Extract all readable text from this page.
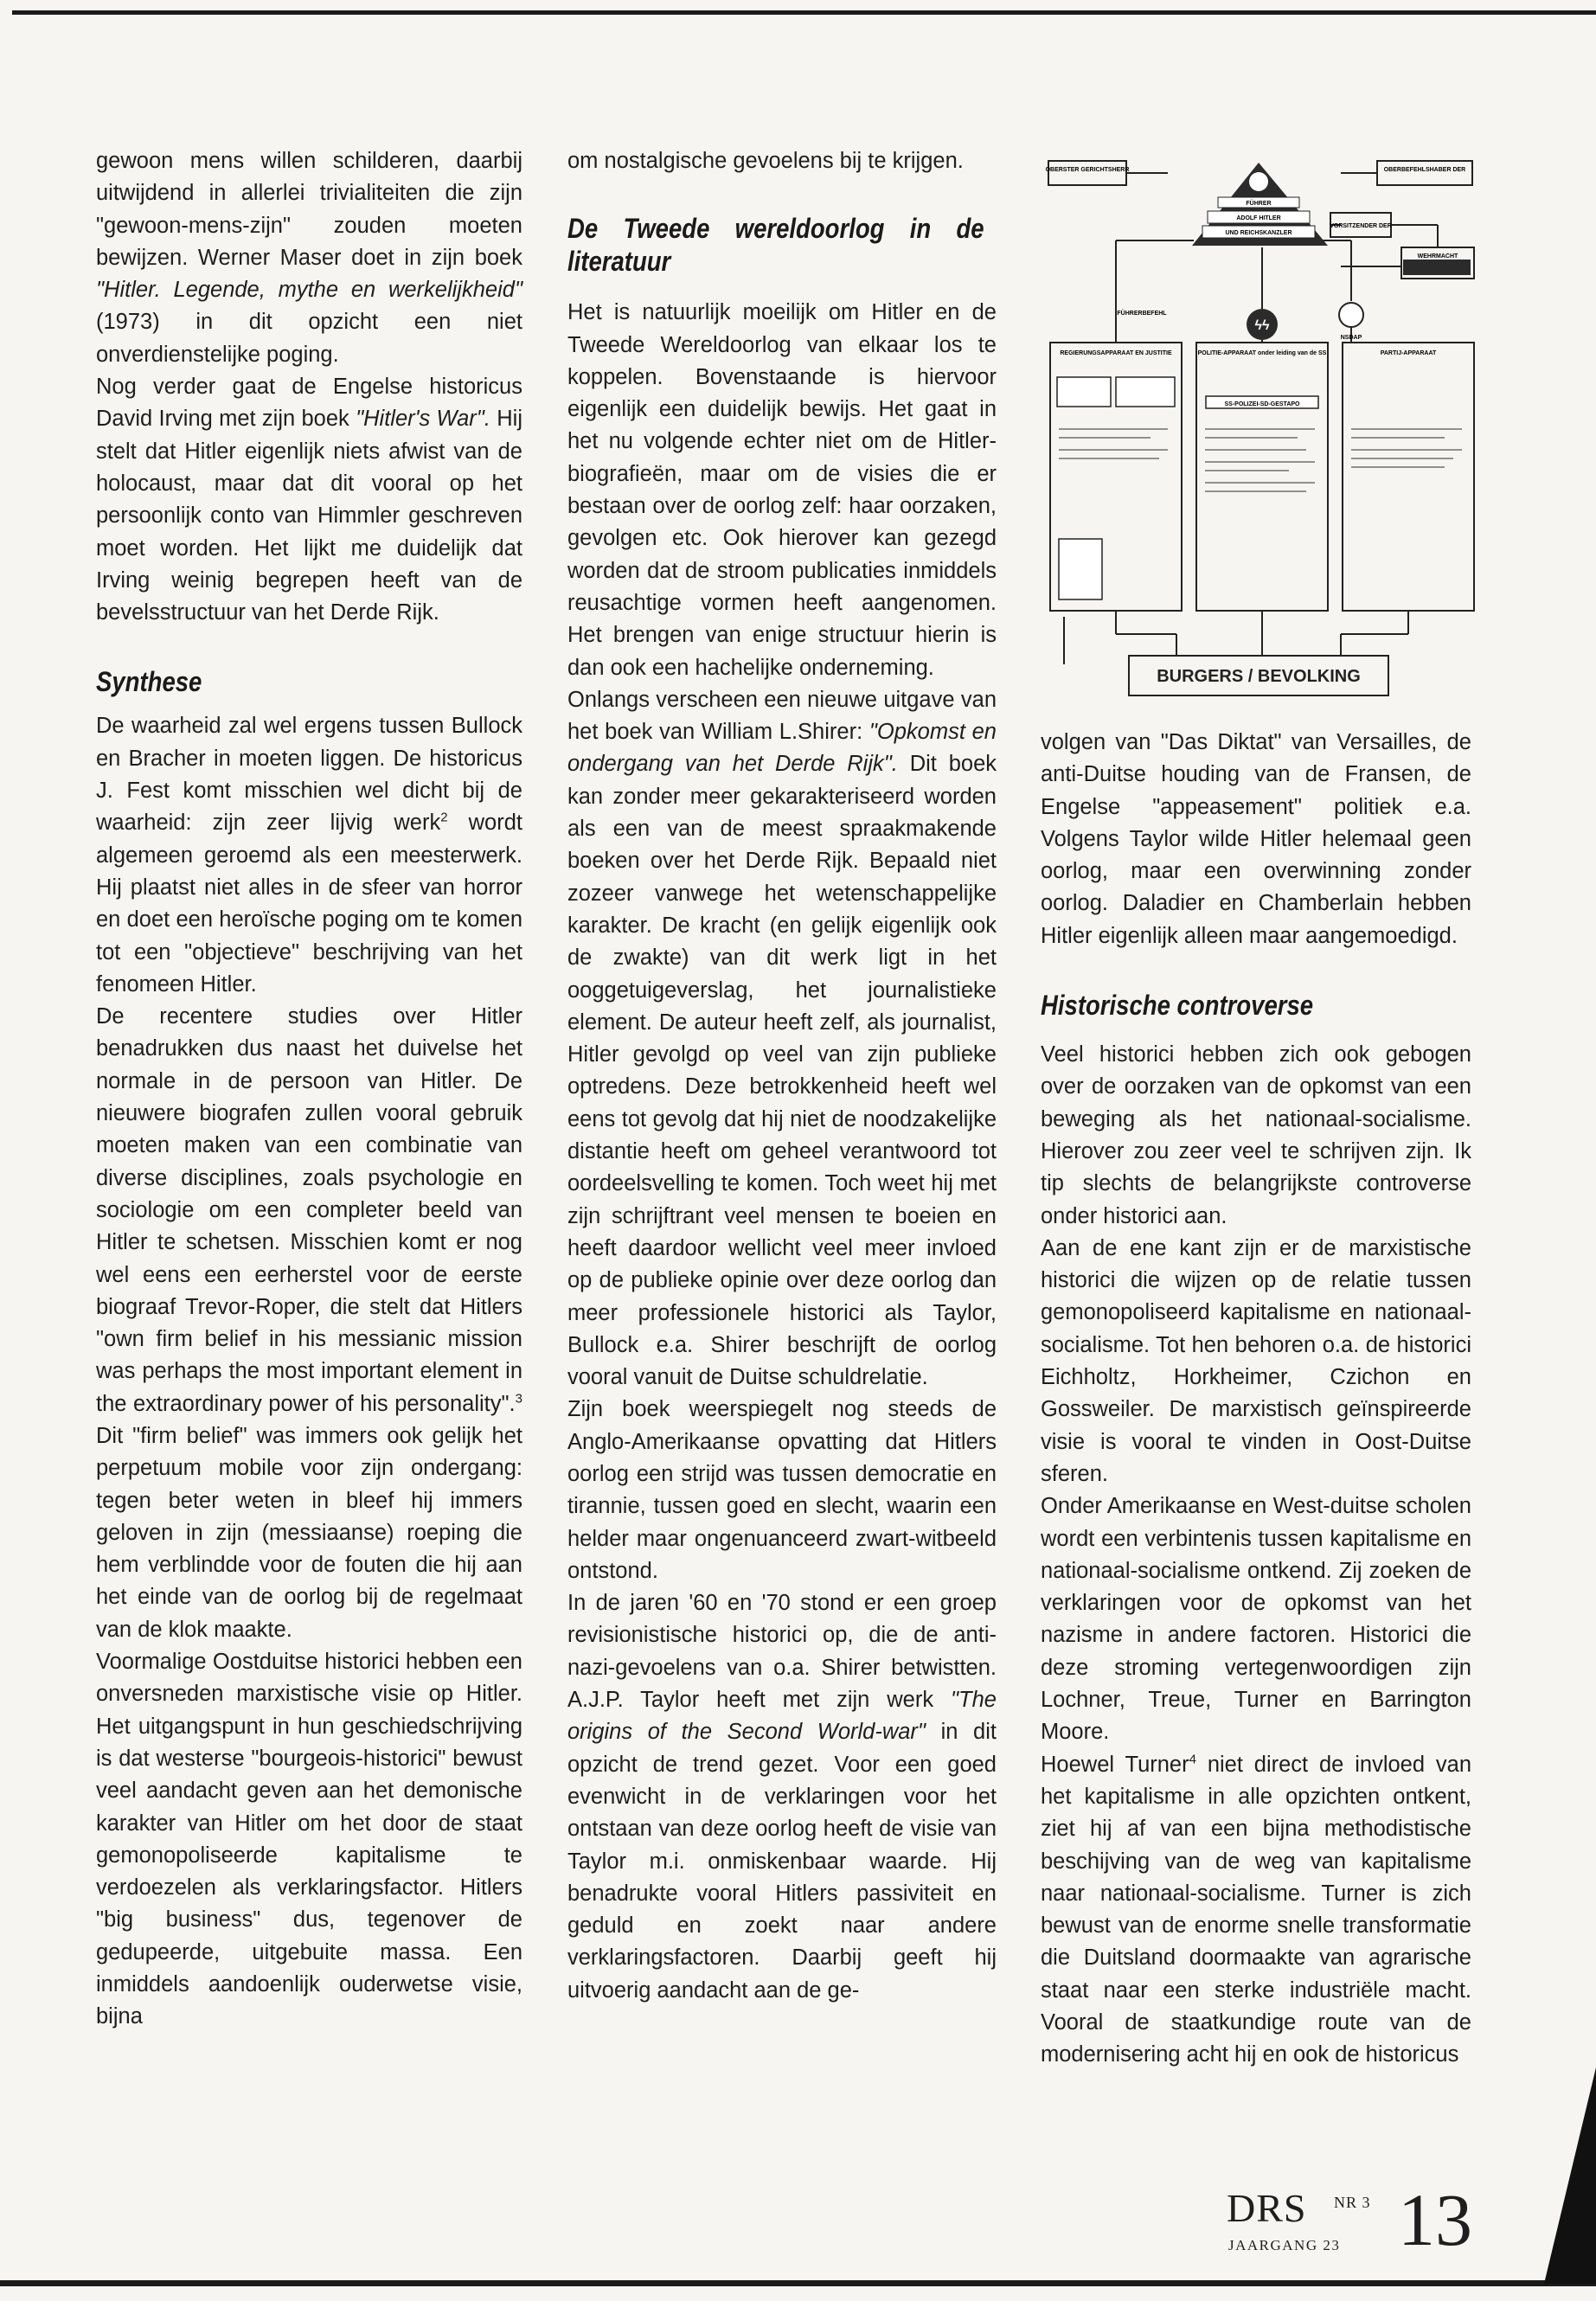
gewoon mens willen schilderen, daarbij uitwijdend in allerlei trivialiteiten die zijn "gewoon-mens-zijn" zouden moeten bewijzen. Werner Maser doet in zijn boek "Hitler. Legende, mythe en werkelijkheid" (1973) in dit opzicht een niet onverdienstelijke poging.

Nog verder gaat de Engelse historicus David Irving met zijn boek "Hitler's War". Hij stelt dat Hitler eigenlijk niets afwist van de holocaust, maar dat dit vooral op het persoonlijk conto van Himmler geschreven moet worden. Het lijkt me duidelijk dat Irving weinig begrepen heeft van de bevelsstructuur van het Derde Rijk.

Synthese

De waarheid zal wel ergens tussen Bullock en Bracher in moeten liggen. De historicus J. Fest komt misschien wel dicht bij de waarheid: zijn zeer lijvig werk$^2$ wordt algemeen geroemd als een meesterwerk. Hij plaatst niet alles in de sfeer van horror en doet een heroïsche poging om te komen tot een "objectieve" beschrijving van het fenomeen Hitler.

De recentere studies over Hitler benadrukken dus naast het duivelse het normale in de persoon van Hitler. De nieuwere biografen zullen vooral gebruik moeten maken van een combinatie van diverse disciplines, zoals psychologie en sociologie om een completer beeld van Hitler te schetsen. Misschien komt er nog wel eens een eerherstel voor de eerste biograaf Trevor-Roper, die stelt dat Hitlers "own firm belief in his messianic mission was perhaps the most important element in the extraordinary power of his personality".$^3$ Dit "firm belief" was immers ook gelijk het perpetuum mobile voor zijn ondergang: tegen beter weten in bleef hij immers geloven in zijn (messiaanse) roeping die hem verblindde voor de fouten die hij aan het einde van de oorlog bij de regelmaat van de klok maakte.

Voormalige Oostduitse historici hebben een onversneden marxistische visie op Hitler. Het uitgangspunt in hun geschiedschrijving is dat westerse "bourgeois-historici" bewust veel aandacht geven aan het demonische karakter van Hitler om het door de staat gemonopoliseerde kapitalisme te verdoezelen als verklaringsfactor. Hitlers "big business" dus, tegenover de gedupeerde, uitgebuite massa. Een inmiddels aandoenlijk ouderwetse visie, bijna

om nostalgische gevoelens bij te krijgen.

De Tweede wereldoorlog in de literatuur

Het is natuurlijk moeilijk om Hitler en de Tweede Wereldoorlog van elkaar los te koppelen. Bovenstaande is hiervoor eigenlijk een duidelijk bewijs. Het gaat in het nu volgende echter niet om de Hitler-biografieën, maar om de visies die er bestaan over de oorlog zelf: haar oorzaken, gevolgen etc. Ook hierover kan gezegd worden dat de stroom publicaties inmiddels reusachtige vormen heeft aangenomen. Het brengen van enige structuur hierin is dan ook een hachelijke onderneming.

Onlangs verscheen een nieuwe uitgave van het boek van William L.Shirer: "Opkomst en ondergang van het Derde Rijk". Dit boek kan zonder meer gekarakteriseerd worden als een van de meest spraakmakende boeken over het Derde Rijk. Bepaald niet zozeer vanwege het wetenschappelijke karakter. De kracht (en gelijk eigenlijk ook de zwakte) van dit werk ligt in het ooggetuigeverslag, het journalistieke element. De auteur heeft zelf, als journalist, Hitler gevolgd op veel van zijn publieke optredens. Deze betrokkenheid heeft wel eens tot gevolg dat hij niet de noodzakelijke distantie heeft om geheel verantwoord tot oordeelsvelling te komen. Toch weet hij met zijn schrijftrant veel mensen te boeien en heeft daardoor wellicht veel meer invloed op de publieke opinie over deze oorlog dan meer professionele historici als Taylor, Bullock e.a. Shirer beschrijft de oorlog vooral vanuit de Duitse schuldrelatie.

Zijn boek weerspiegelt nog steeds de Anglo-Amerikaanse opvatting dat Hitlers oorlog een strijd was tussen democratie en tirannie, tussen goed en slecht, waarin een helder maar ongenuanceerd zwart-witbeeld ontstond.

In de jaren '60 en '70 stond er een groep revisionistische historici op, die de anti-nazi-gevoelens van o.a. Shirer betwistten. A.J.P. Taylor heeft met zijn werk "The origins of the Second World-war" in dit opzicht de trend gezet. Voor een goed evenwicht in de verklaringen voor het ontstaan van deze oorlog heeft de visie van Taylor m.i. onmiskenbaar waarde. Hij benadrukte vooral Hitlers passiviteit en geduld en zoekt naar andere verklaringsfactoren. Daarbij geeft hij uitvoerig aandacht aan de ge-

ϟϟ
OBERSTER GERICHTSHERR
FÜHRER
ADOLF HITLER
UND REICHSKANZLER
OBERBEFEHLSHABER DER
WEHRMACHT
VORSITZENDER DER
NSDAP
FÜHRERBEFEHL
REGIERUNGSAPPARAAT EN JUSTITIE	POLITIE-APPARAAT onder leiding van de SS	PARTIJ-APPARAAT
SS-POLIZEI-SD-GESTAPO
BURGERS / BEVOLKING

volgen van "Das Diktat" van Versailles, de anti-Duitse houding van de Fransen, de Engelse "appeasement" politiek e.a. Volgens Taylor wilde Hitler helemaal geen oorlog, maar een overwinning zonder oorlog. Daladier en Chamberlain hebben Hitler eigenlijk alleen maar aangemoedigd.

Historische controverse

Veel historici hebben zich ook gebogen over de oorzaken van de opkomst van een beweging als het nationaal-socialisme. Hierover zou zeer veel te schrijven zijn. Ik tip slechts de belangrijkste controverse onder historici aan.

Aan de ene kant zijn er de marxistische historici die wijzen op de relatie tussen gemonopoliseerd kapitalisme en nationaal-socialisme. Tot hen behoren o.a. de historici Eichholtz, Horkheimer, Czichon en Gossweiler. De marxistisch geïnspireerde visie is vooral te vinden in Oost-Duitse sferen.

Onder Amerikaanse en West-duitse scholen wordt een verbintenis tussen kapitalisme en nationaal-socialisme ontkend. Zij zoeken de verklaringen voor de opkomst van het nazisme in andere factoren. Historici die deze stroming vertegenwoordigen zijn Lochner, Treue, Turner en Barrington Moore.

Hoewel Turner$^4$ niet direct de invloed van het kapitalisme in alle opzichten ontkent, ziet hij af van een bijna methodistische beschijving van de weg van kapitalisme naar nationaal-socialisme. Turner is zich bewust van de enorme snelle transformatie die Duitsland doormaakte van agrarische staat naar een sterke industriële macht. Vooral de staatkundige route van de modernisering acht hij en ook de historicus

DRS NR 3
JAARGANG 23 13
